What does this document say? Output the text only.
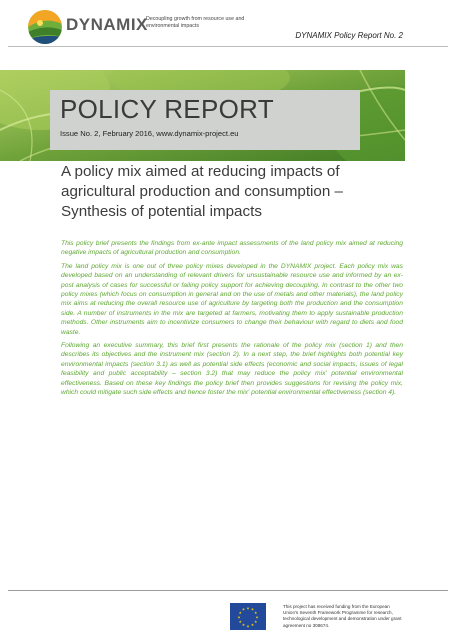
DYNAMIX
Decoupling growth from resource use and environmental impacts
DYNAMIX Policy Report No. 2
POLICY REPORT
Issue No. 2, February 2016, www.dynamix-project.eu
A policy mix aimed at reducing impacts of agricultural production and consumption – Synthesis of potential impacts

This policy brief presents the findings from ex-ante impact assessments of the land policy mix aimed at reducing negative impacts of agricultural production and consumption.

The land policy mix is one out of three policy mixes developed in the DYNAMIX project. Each policy mix was developed based on an understanding of relevant drivers for unsustainable resource use and informed by an ex-post analysis of cases for successful or failing policy support for achieving decoupling. In contrast to the other two policy mixes (which focus on consumption in general and on the use of metals and other materials), the land policy mix aims at reducing the overall resource use of agriculture by targeting both the production and the consumption side. A number of instruments in the mix are targeted at farmers, motivating them to apply sustainable production methods. Other instruments aim to incentivize consumers to change their behaviour with regard to diets and food waste.

Following an executive summary, this brief first presents the rationale of the policy mix (section 1) and then describes its objectives and the instrument mix (section 2). In a next step, the brief highlights both potential key environmental impacts (section 3.1) as well as potential side effects (economic and social impacts, issues of legal feasibility and public acceptability – section 3.2) that may reduce the policy mix' potential environmental effectiveness. Based on these key findings the policy brief then provides suggestions for revising the policy mix, which could mitigate such side effects and hence foster the mix' potential environmental effectiveness (section 4).

★ ★
★
★
★
★
★
★
★
★
★
★
This project has received funding from the European Union's Seventh Framework Programme for research, technological development and demonstration under grant agreement no 308674.
